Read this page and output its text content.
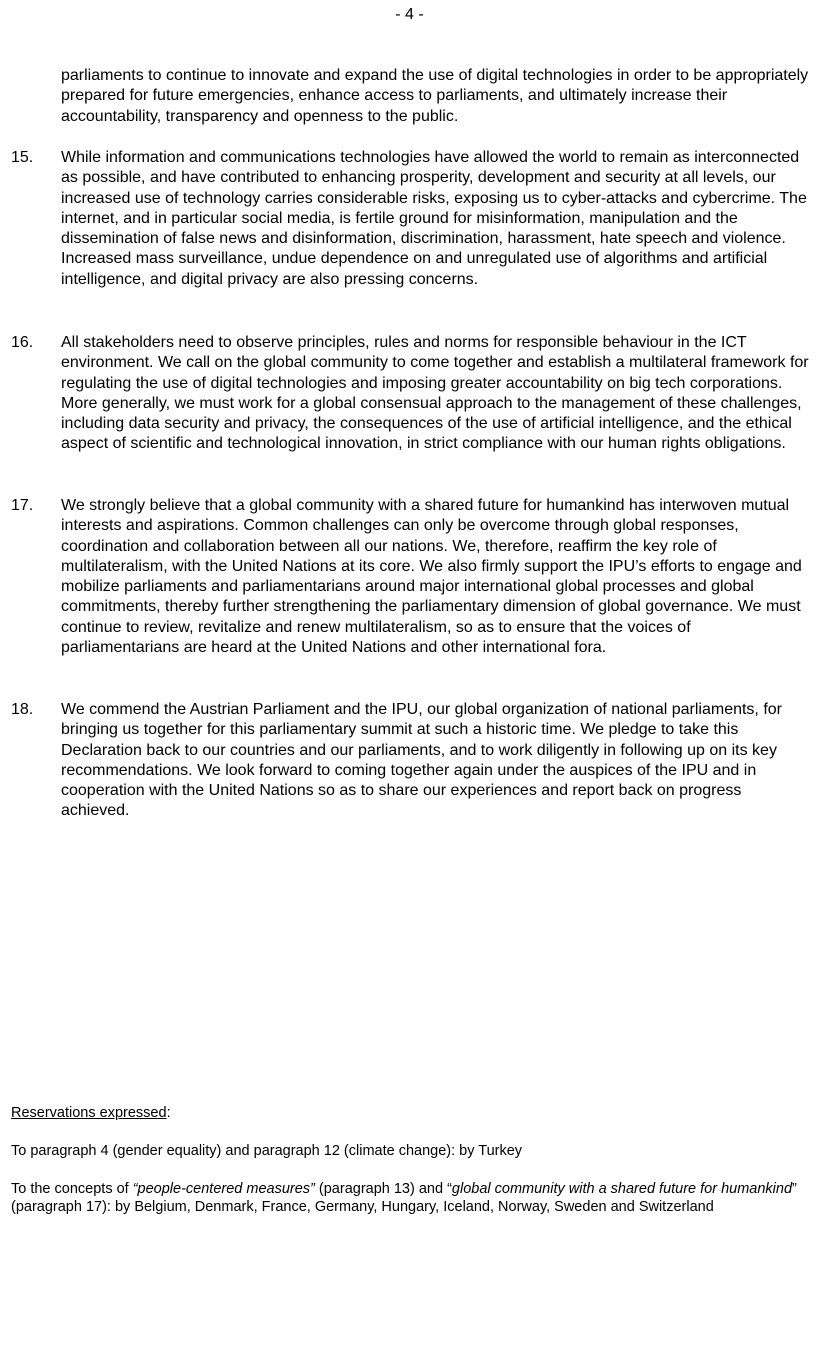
- 4 -

parliaments to continue to innovate and expand the use of digital technologies in order to be appropriately prepared for future emergencies, enhance access to parliaments, and ultimately increase their accountability, transparency and openness to the public.

15. While information and communications technologies have allowed the world to remain as interconnected as possible, and have contributed to enhancing prosperity, development and security at all levels, our increased use of technology carries considerable risks, exposing us to cyber-attacks and cybercrime. The internet, and in particular social media, is fertile ground for misinformation, manipulation and the dissemination of false news and disinformation, discrimination, harassment, hate speech and violence. Increased mass surveillance, undue dependence on and unregulated use of algorithms and artificial intelligence, and digital privacy are also pressing concerns.

16. All stakeholders need to observe principles, rules and norms for responsible behaviour in the ICT environment. We call on the global community to come together and establish a multilateral framework for regulating the use of digital technologies and imposing greater accountability on big tech corporations. More generally, we must work for a global consensual approach to the management of these challenges, including data security and privacy, the consequences of the use of artificial intelligence, and the ethical aspect of scientific and technological innovation, in strict compliance with our human rights obligations.

17. We strongly believe that a global community with a shared future for humankind has interwoven mutual interests and aspirations. Common challenges can only be overcome through global responses, coordination and collaboration between all our nations. We, therefore, reaffirm the key role of multilateralism, with the United Nations at its core. We also firmly support the IPU’s efforts to engage and mobilize parliaments and parliamentarians around major international global processes and global commitments, thereby further strengthening the parliamentary dimension of global governance. We must continue to review, revitalize and renew multilateralism, so as to ensure that the voices of parliamentarians are heard at the United Nations and other international fora.

18. We commend the Austrian Parliament and the IPU, our global organization of national parliaments, for bringing us together for this parliamentary summit at such a historic time. We pledge to take this Declaration back to our countries and our parliaments, and to work diligently in following up on its key recommendations. We look forward to coming together again under the auspices of the IPU and in cooperation with the United Nations so as to share our experiences and report back on progress achieved.

Reservations expressed:
To paragraph 4 (gender equality) and paragraph 12 (climate change): by Turkey
To the concepts of “people-centered measures” (paragraph 13) and “global community with a shared future for humankind” (paragraph 17): by Belgium, Denmark, France, Germany, Hungary, Iceland, Norway, Sweden and Switzerland
